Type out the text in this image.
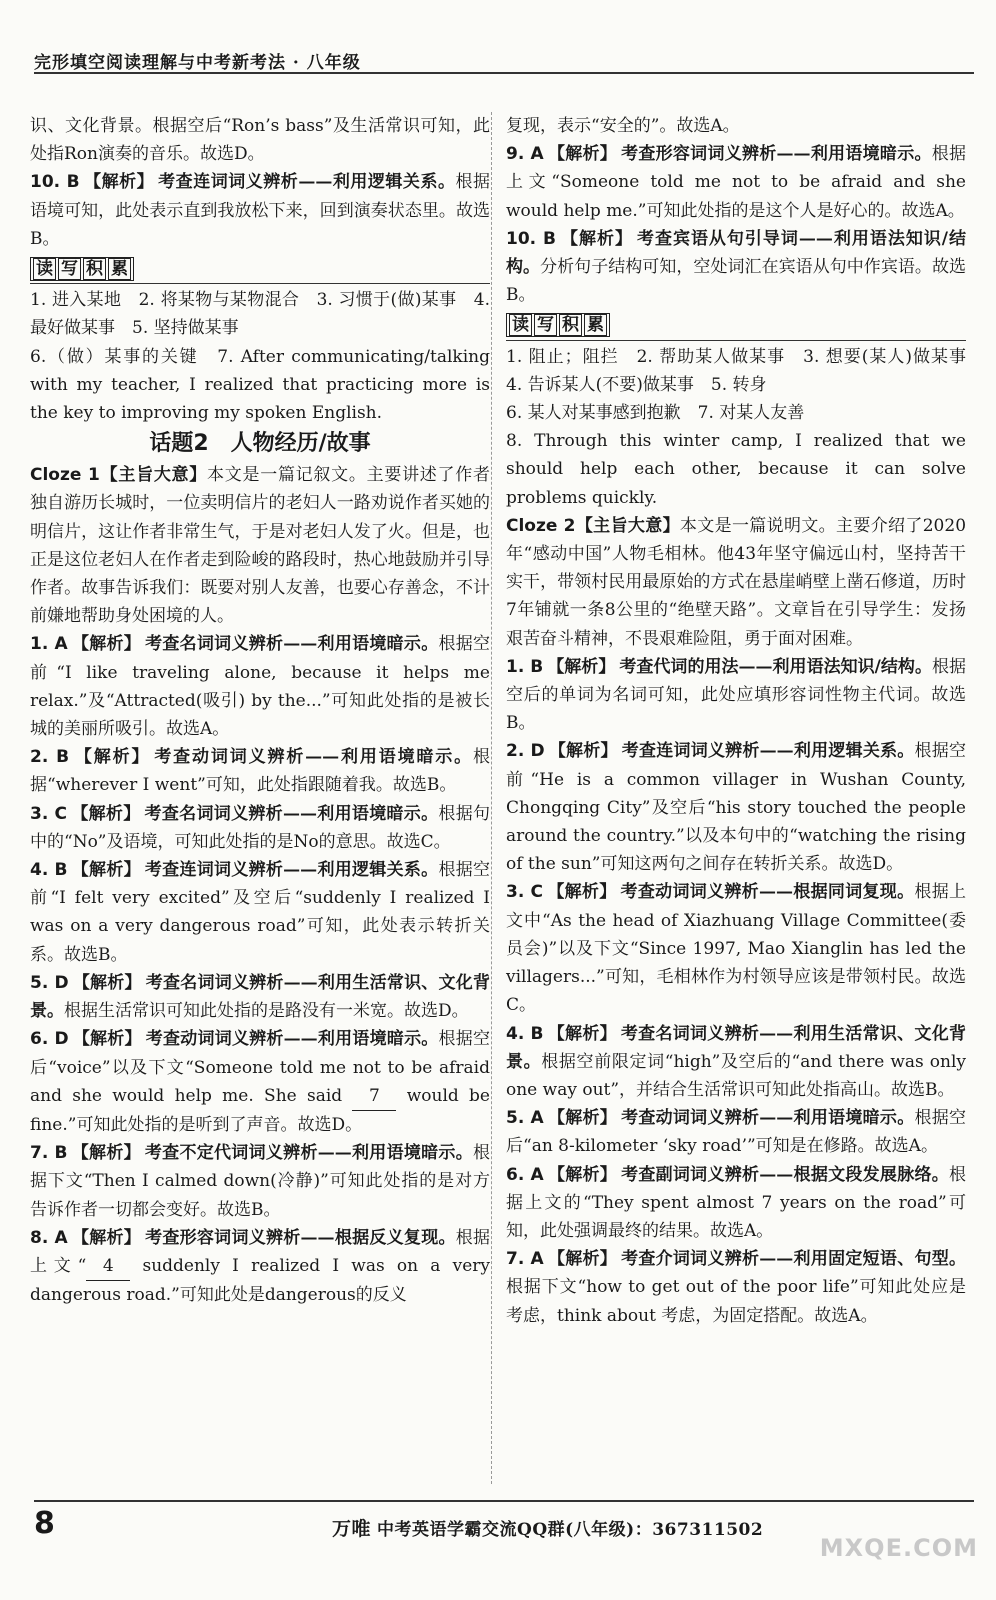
完形填空阅读理解与中考新考法 · 八年级

识、文化背景。根据空后“Ron’s bass”及生活常识可知，此处指Ron演奏的音乐。故选D。

10. B 【解析】 考查连词词义辨析——利用逻辑关系。根据语境可知，此处表示直到我放松下来，回到演奏状态里。故选B。

读 写 积 累

1. 进入某地　2. 将某物与某物混合　3. 习惯于(做)某事　4. 最好做某事　5. 坚持做某事

6.（做）某事的关键　7. After communicating/talking with my teacher, I realized that practicing more is the key to improving my spoken English.

话题2　人物经历/故事

Cloze 1【主旨大意】本文是一篇记叙文。主要讲述了作者独自游历长城时，一位卖明信片的老妇人一路劝说作者买她的明信片，这让作者非常生气，于是对老妇人发了火。但是，也正是这位老妇人在作者走到险峻的路段时，热心地鼓励并引导作者。故事告诉我们：既要对别人友善，也要心存善念，不计前嫌地帮助身处困境的人。

1. A 【解析】 考查名词词义辨析——利用语境暗示。根据空前“I like traveling alone, because it helps me relax.”及“Attracted(吸引) by the...”可知此处指的是被长城的美丽所吸引。故选A。

2. B 【解析】 考查动词词义辨析——利用语境暗示。根据“wherever I went”可知，此处指跟随着我。故选B。

3. C 【解析】 考查名词词义辨析——利用语境暗示。根据句中的“No”及语境，可知此处指的是No的意思。故选C。

4. B 【解析】 考查连词词义辨析——利用逻辑关系。根据空前“I felt very excited”及空后“suddenly I realized I was on a very dangerous road”可知，此处表示转折关系。故选B。

5. D 【解析】 考查名词词义辨析——利用生活常识、文化背景。根据生活常识可知此处指的是路没有一米宽。故选D。

6. D 【解析】 考查动词词义辨析——利用语境暗示。根据空后“voice”以及下文“Someone told me not to be afraid and she would help me. She said 7 would be fine.”可知此处指的是听到了声音。故选D。

7. B 【解析】 考查不定代词词义辨析——利用语境暗示。根据下文“Then I calmed down(冷静)”可知此处指的是对方告诉作者一切都会变好。故选B。

8. A 【解析】 考查形容词词义辨析——根据反义复现。根据上文“ 4 suddenly I realized I was on a very dangerous road.”可知此处是dangerous的反义

复现，表示“安全的”。故选A。

9. A 【解析】 考查形容词词义辨析——利用语境暗示。根据上文“Someone told me not to be afraid and she would help me.”可知此处指的是这个人是好心的。故选A。

10. B 【解析】 考查宾语从句引导词——利用语法知识/结构。分析句子结构可知，空处词汇在宾语从句中作宾语。故选B。

读 写 积 累

1. 阻止；阻拦　2. 帮助某人做某事　3. 想要(某人)做某事　4. 告诉某人(不要)做某事　5. 转身

6. 某人对某事感到抱歉　7. 对某人友善

8. Through this winter camp, I realized that we should help each other, because it can solve problems quickly.

Cloze 2【主旨大意】本文是一篇说明文。主要介绍了2020年“感动中国”人物毛相林。他43年坚守偏远山村，坚持苦干实干，带领村民用最原始的方式在悬崖峭壁上凿石修道，历时7年铺就一条8公里的“绝壁天路”。文章旨在引导学生：发扬艰苦奋斗精神，不畏艰难险阻，勇于面对困难。

1. B 【解析】 考查代词的用法——利用语法知识/结构。根据空后的单词为名词可知，此处应填形容词性物主代词。故选B。

2. D 【解析】 考查连词词义辨析——利用逻辑关系。根据空前“He is a common villager in Wushan County, Chongqing City”及空后“his story touched the people around the country.”以及本句中的“watching the rising of the sun”可知这两句之间存在转折关系。故选D。

3. C 【解析】 考查动词词义辨析——根据同词复现。根据上文中“As the head of Xiazhuang Village Committee(委员会)”以及下文“Since 1997, Mao Xianglin has led the villagers...”可知，毛相林作为村领导应该是带领村民。故选C。

4. B 【解析】 考查名词词义辨析——利用生活常识、文化背景。根据空前限定词“high”及空后的“and there was only one way out”，并结合生活常识可知此处指高山。故选B。

5. A 【解析】 考查动词词义辨析——利用语境暗示。根据空后“an 8-kilometer ‘sky road’”可知是在修路。故选A。

6. A 【解析】 考查副词词义辨析——根据文段发展脉络。根据上文的“They spent almost 7 years on the road”可知，此处强调最终的结果。故选A。

7. A 【解析】 考查介词词义辨析——利用固定短语、句型。根据下文“how to get out of the poor life”可知此处应是考虑，think about 考虑，为固定搭配。故选A。

8	万唯 中考英语学霸交流QQ群(八年级)：367311502
MXQE.COM
